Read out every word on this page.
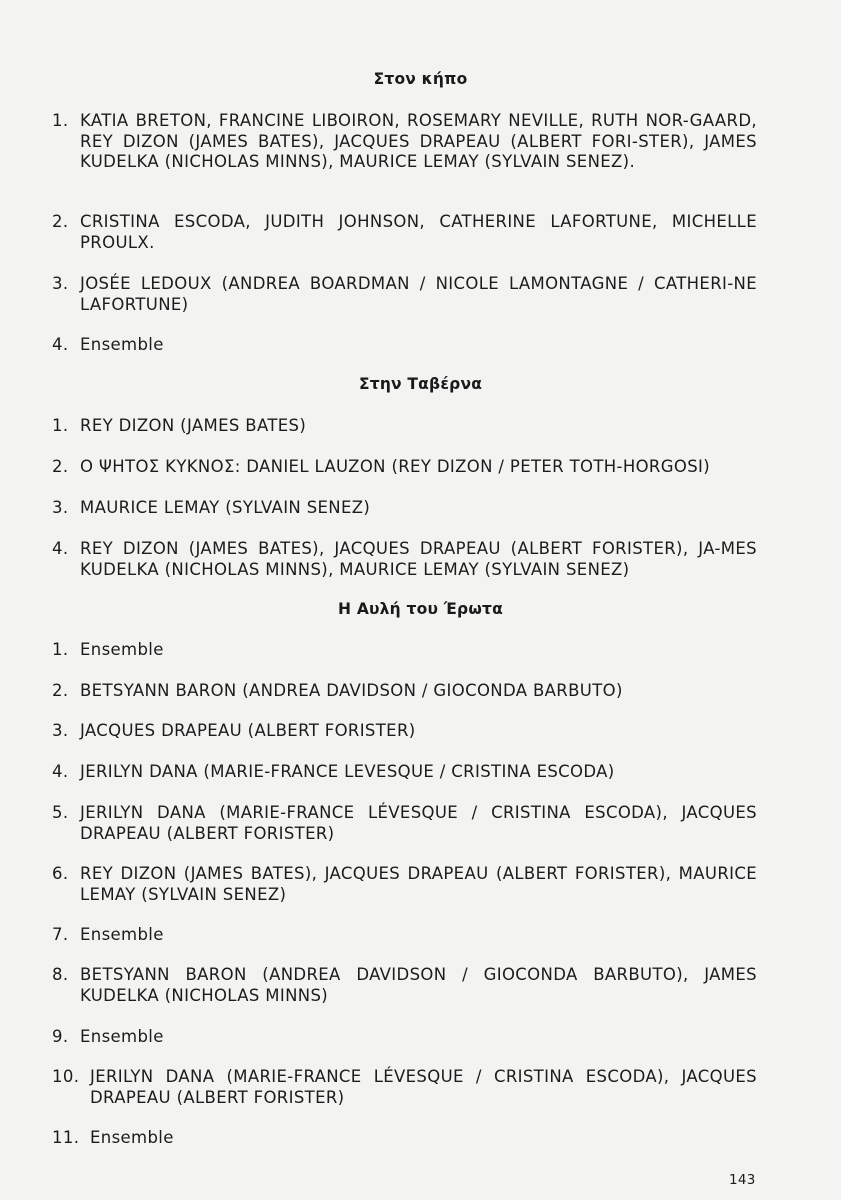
Στον κήπο
1. KATIA BRETON, FRANCINE LIBOIRON, ROSEMARY NEVILLE, RUTH NOR-GAARD, REY DIZON (JAMES BATES), JACQUES DRAPEAU (ALBERT FORI-STER), JAMES KUDELKA (NICHOLAS MINNS), MAURICE LEMAY (SYLVAIN SENEZ).
2. CRISTINA ESCODA, JUDITH JOHNSON, CATHERINE LAFORTUNE, MICHELLE PROULX.
3. JOSÉE LEDOUX (ANDREA BOARDMAN / NICOLE LAMONTAGNE / CATHERI-NE LAFORTUNE)
4. Ensemble
Στην Ταβέρνα
1. REY DIZON (JAMES BATES)
2. Ο ΨΗΤΟΣ ΚΥΚΝΟΣ: DANIEL LAUZON (REY DIZON / PETER TOTH-HORGOSI)
3. MAURICE LEMAY (SYLVAIN SENEZ)
4. REY DIZON (JAMES BATES), JACQUES DRAPEAU (ALBERT FORISTER), JA-MES KUDELKA (NICHOLAS MINNS), MAURICE LEMAY (SYLVAIN SENEZ)
Η Αυλή του Έρωτα
1. Ensemble
2. BETSYANN BARON (ANDREA DAVIDSON / GIOCONDA BARBUTO)
3. JACQUES DRAPEAU (ALBERT FORISTER)
4. JERILYN DANA (MARIE-FRANCE LEVESQUE / CRISTINA ESCODA)
5. JERILYN DANA (MARIE-FRANCE LÉVESQUE / CRISTINA ESCODA), JACQUES DRAPEAU (ALBERT FORISTER)
6. REY DIZON (JAMES BATES), JACQUES DRAPEAU (ALBERT FORISTER), MAURICE LEMAY (SYLVAIN SENEZ)
7. Ensemble
8. BETSYANN BARON (ANDREA DAVIDSON / GIOCONDA BARBUTO), JAMES KUDELKA (NICHOLAS MINNS)
9. Ensemble
10. JERILYN DANA (MARIE-FRANCE LÉVESQUE / CRISTINA ESCODA), JACQUES DRAPEAU (ALBERT FORISTER)
11. Ensemble
143
